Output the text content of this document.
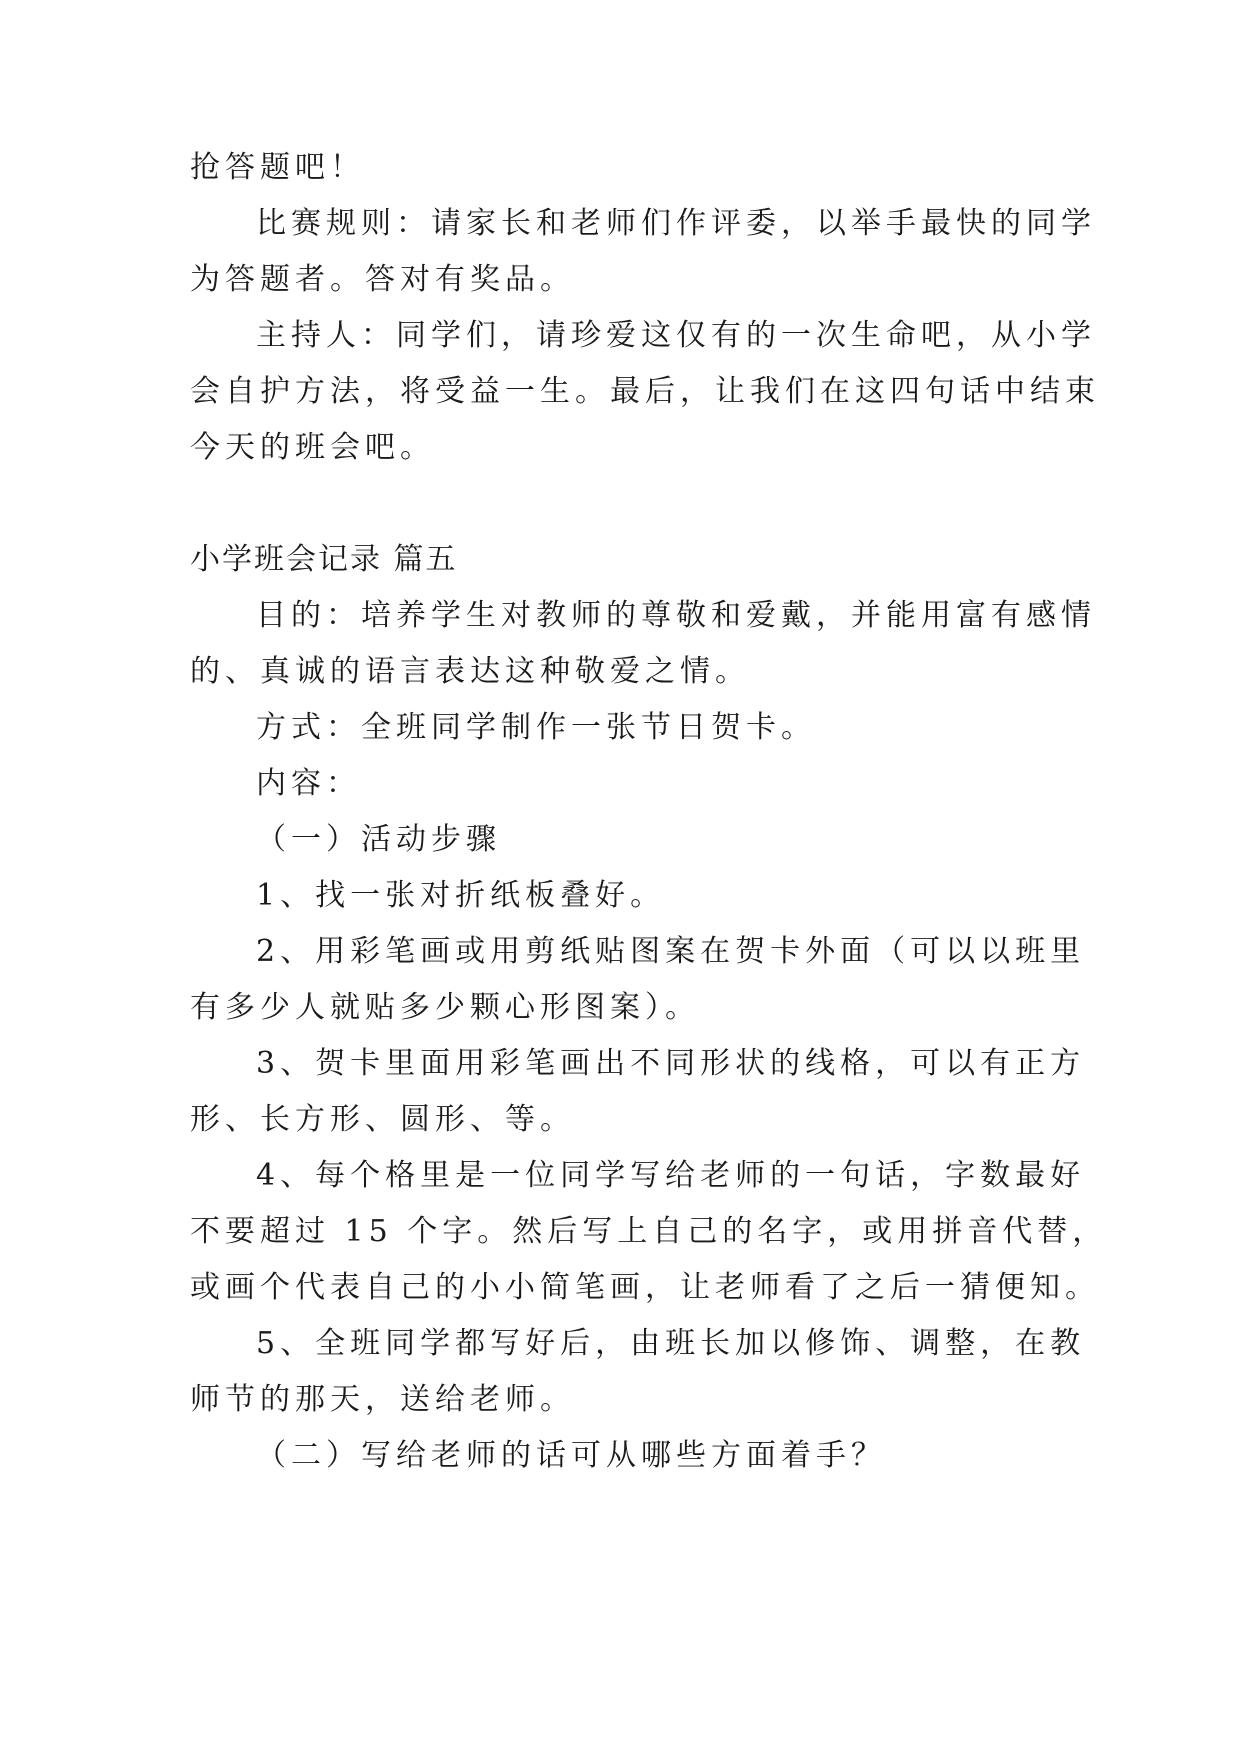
抢答题吧！
比赛规则：请家长和老师们作评委，以举手最快的同学
为答题者。答对有奖品。
主持人：同学们，请珍爱这仅有的一次生命吧，从小学
会自护方法，将受益一生。最后，让我们在这四句话中结束
今天的班会吧。
小学班会记录 篇五
目的：培养学生对教师的尊敬和爱戴，并能用富有感情
的、真诚的语言表达这种敬爱之情。
方式：全班同学制作一张节日贺卡。
内容：
（一）活动步骤
1、找一张对折纸板叠好。
2、用彩笔画或用剪纸贴图案在贺卡外面（可以以班里
有多少人就贴多少颗心形图案）。
3、贺卡里面用彩笔画出不同形状的线格，可以有正方
形、长方形、圆形、等。
4、每个格里是一位同学写给老师的一句话，字数最好
不要超过 15 个字。然后写上自己的名字，或用拼音代替，
或画个代表自己的小小简笔画，让老师看了之后一猜便知。
5、全班同学都写好后，由班长加以修饰、调整，在教
师节的那天，送给老师。
（二）写给老师的话可从哪些方面着手？
